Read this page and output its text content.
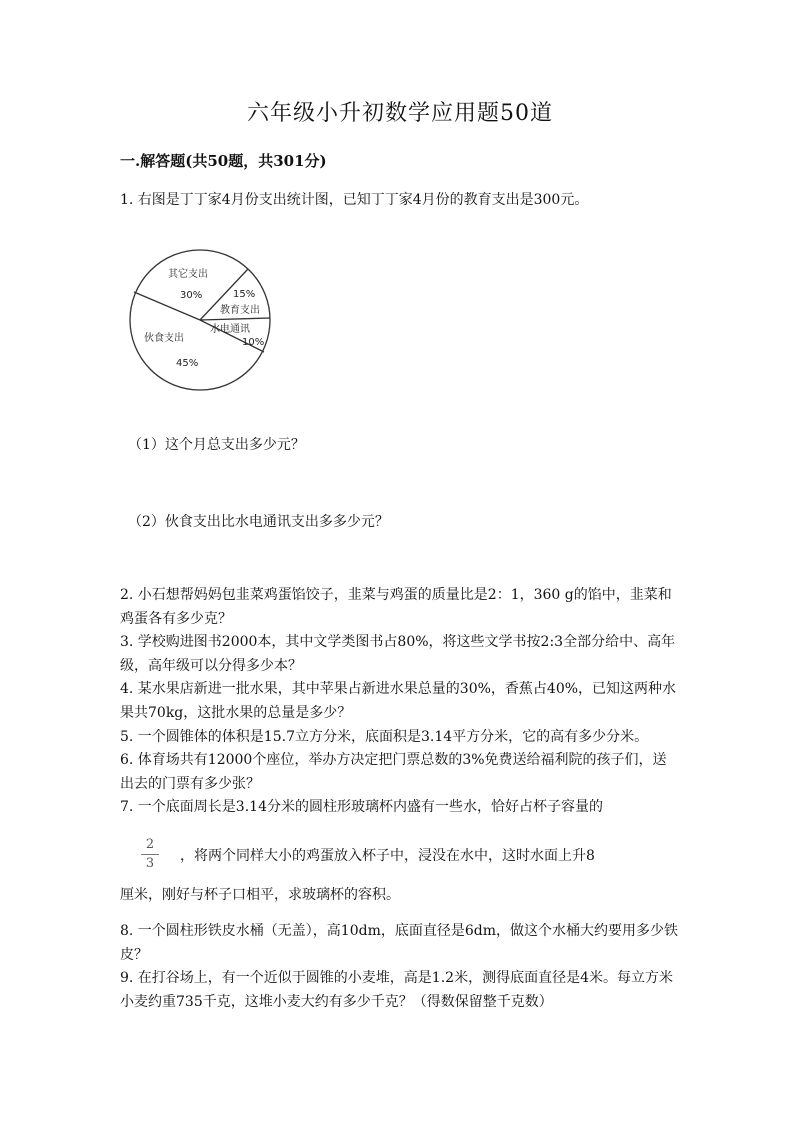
六年级小升初数学应用题50道
一.解答题(共50题，共301分)
1. 右图是丁丁家4月份支出统计图，已知丁丁家4月份的教育支出是300元。
其它支出
30%	15%
教育支出
水电通讯
10%
伙食支出
45%
（1）这个月总支出多少元？
（2）伙食支出比水电通讯支出多多少元？

2. 小石想帮妈妈包韭菜鸡蛋馅饺子，韭菜与鸡蛋的质量比是2：1，360 g的馅中，韭菜和鸡蛋各有多少克？

3. 学校购进图书2000本，其中文学类图书占80%，将这些文学书按2:3全部分给中、高年级，高年级可以分得多少本？

4. 某水果店新进一批水果，其中苹果占新进水果总量的30%，香蕉占40%，已知这两种水果共70kg，这批水果的总量是多少？

5. 一个圆锥体的体积是15.7立方分米，底面积是3.14平方分米，它的高有多少分米。

6. 体育场共有12000个座位，举办方决定把门票总数的3%免费送给福利院的孩子们，送出去的门票有多少张？

7. 一个底面周长是3.14分米的圆柱形玻璃杯内盛有一些水，恰好占杯子容量的

2
3	，将两个同样大小的鸡蛋放入杯子中，浸没在水中，这时水面上升8
厘米，刚好与杯子口相平，求玻璃杯的容积。

8. 一个圆柱形铁皮水桶（无盖），高10dm，底面直径是6dm，做这个水桶大约要用多少铁皮？

9. 在打谷场上，有一个近似于圆锥的小麦堆，高是1.2米，测得底面直径是4米。每立方米小麦约重735千克，这堆小麦大约有多少千克？（得数保留整千克数）
